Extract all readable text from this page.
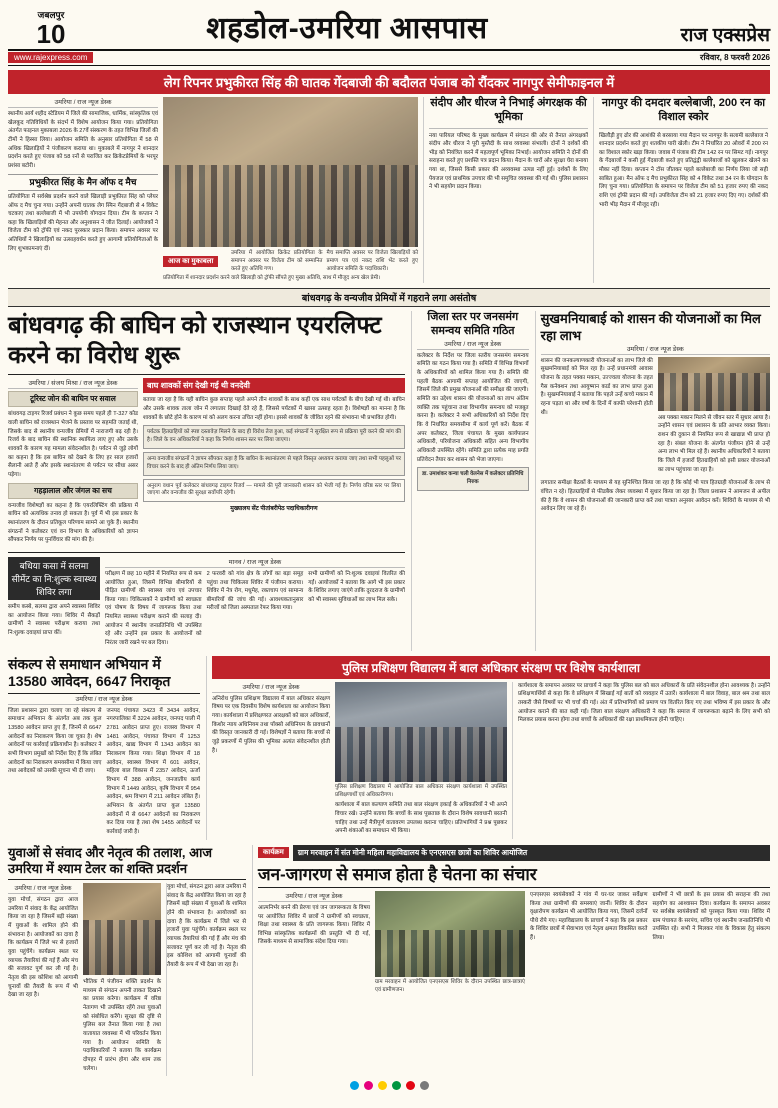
जबलपुर
10	शहडोल-उमरिया आसपास	राज एक्सप्रेस
www.rajexpress.com	रविवार, 8 फरवरी 2026
लेग रिपनर प्रभुकीरत सिंह की घातक गेंदबाजी की बदौलत पंजाब को रौंदकर नागपुर सेमीफाइनल में
उमरिया / राज न्यूज डेस्क

स्थानीय आर्य शहीद स्टेडियम में जिले की सामाजिक, धार्मिक, सांस्कृतिक एवं खेलकूद गतिविधियों के संदर्भ में विशेष आयोजन किया गया। प्रतियोगिता अंतर्गत फाइनल मुकाबला 2026 के 27वें संस्करण के तहत विभिन्न जिलों की टीमों ने हिस्सा लिया। आयोजन समिति के अनुसार प्रतियोगिता में 58 से अधिक खिलाड़ियों ने पंजीकरण कराया था। मुकाबले में नागपुर ने शानदार प्रदर्शन करते हुए पंजाब को 58 रनों से पराजित कर क्रिकेटप्रेमियों के भरपूर प्रशंसा बटोरी।

प्रभुकीरत सिंह के मैन ऑफ द मैच

प्रतियोगिता में सर्वश्रेष्ठ प्रदर्शन करने वाले खिलाड़ी प्रभुकीरत सिंह को प्लेयर ऑफ द मैच चुना गया। उन्होंने अपनी घातक लेग स्पिन गेंदबाजी से 4 विकेट चटकाए तथा बल्लेबाजी में भी उपयोगी योगदान दिया। टीम के कप्तान ने कहा कि खिलाड़ियों की मेहनत और अनुशासन ने जीत दिलाई। आयोजकों ने विजेता टीम को ट्रॉफी एवं नकद पुरस्कार प्रदान किया। समापन अवसर पर अतिथियों ने खिलाड़ियों का उत्साहवर्धन करते हुए आगामी प्रतियोगिताओं के लिए शुभकामनाएं दीं।

आज का मुकाबला
उमरिया में आयोजित क्रिकेट प्रतियोगिता के समापन अवसर पर विजेता टीम को सम्मानित करते हुए अतिथि गण।
मैच समाप्ति अवसर पर विजेता खिलाड़ियों को प्रमाण पत्र एवं नकद राशि भेंट करते हुए आयोजन समिति के पदाधिकारी।
प्रतियोगिता में शानदार प्रदर्शन करने वाले खिलाड़ी को ट्रॉफी सौंपते हुए मुख्य अतिथि, साथ में मौजूद अन्य खेल प्रेमी।
संदीप और धीरज ने निभाई अंगरक्षक की भूमिका

नया पारियल परिषद के मुख्य कार्यक्रम में संगठन की ओर से तैनात अंगरक्षकों संदीप और धीरज ने पूरी मुस्तैदी के साथ व्यवस्था संभाली। दोनों ने दर्शकों की भीड़ को नियंत्रित करने में महत्वपूर्ण भूमिका निभाई। आयोजन समिति ने दोनों की सराहना करते हुए प्रशस्ति पत्र प्रदान किया। मैदान के चारों ओर सुरक्षा घेरा बनाया गया था, जिससे किसी प्रकार की अव्यवस्था उत्पन्न नहीं हुई। दर्शकों के लिए पेयजल एवं प्राथमिक उपचार की भी समुचित व्यवस्था की गई थी। पुलिस प्रशासन ने भी सहयोग प्रदान किया।

नागपुर की दमदार बल्लेबाजी, 200 रन का विशाल स्कोर

खिलौड़ी हुए ढोर की आशंकी से बरसाया गया मैदान पर नागपुर के सलामी बल्लेबाज ने शानदार प्रदर्शन करते हुए शतकीय पारी खेली। टीम ने निर्धारित 20 ओवरों में 200 रन का विशाल स्कोर खड़ा किया। जवाब में पंजाब की टीम 142 रन पर सिमट गई। नागपुर के गेंदबाजों ने कसी हुई गेंदबाजी करते हुए प्रतिद्वंद्वी बल्लेबाजों को खुलकर खेलने का मौका नहीं दिया। कप्तान ने टॉस जीतकर पहले बल्लेबाजी का निर्णय लिया जो सही साबित हुआ। मैन ऑफ द मैच प्रभुकीरत सिंह को 4 विकेट तथा 34 रन के योगदान के लिए चुना गया। प्रतियोगिता के समापन पर विजेता टीम को 51 हजार रुपए की नकद राशि एवं ट्रॉफी प्रदान की गई। उपविजेता टीम को 21 हजार रुपए दिए गए। दर्शकों की भारी भीड़ मैदान में मौजूद रही।

बांधवगढ़ के वन्यजीव प्रेमियों में गहराने लगा असंतोष
बांधवगढ़ की बाघिन को राजस्थान एयरलिफ्ट करने का विरोध शुरू
उमरिया / संजय मिश्रा / राज न्यूज डेस्क
टूरिस्ट जोन की बाघिन पर सवाल

बांधवगढ़ टाइगर रिजर्व प्रबंधन ने कुछ समय पहले ही T-327 कोड वाली बाघिन को राजस्थान भेजने के प्रस्ताव पर सहमति जताई थी, जिसके बाद से स्थानीय वन्यजीव प्रेमियों में नाराजगी बढ़ रही है। रिजर्व के बाद बाघिन की स्थानिक स्थायित्व लाए हुए और उसके शावकों के कारण यह मामला संवेदनशील है। पर्यटन से जुड़े लोगों का कहना है कि इस बाघिन को देखने के लिए हर साल हजारों सैलानी आते हैं और इसके स्थानांतरण से पर्यटन पर सीधा असर पड़ेगा।

गहड़ालाल और जंगल का सच

वन्यजीव विशेषज्ञों का कहना है कि एयरलिफ्टिंग की प्रक्रिया में बाघिन को अत्यधिक तनाव हो सकता है। पूर्व में भी इस प्रकार के स्थानांतरण के दौरान प्रतिकूल परिणाम सामने आ चुके हैं। स्थानीय संगठनों ने कलेक्टर एवं वन विभाग के अधिकारियों को ज्ञापन सौंपकर निर्णय पर पुनर्विचार की मांग की है।

बाघ शावकों संग देखी गई थी वनदेवी

बताया जा रहा है कि यही बाघिन कुछ सप्ताह पहले अपने तीन शावकों के साथ कहीं एक साथ पर्यटकों के बीच देखी गई थी। बाघिन और उसके शावक ताला जोन में लगातार दिखाई देते रहे हैं, जिससे पर्यटकों में खासा उत्साह रहता है। विशेषज्ञों का मानना है कि शावकों के छोटे होने के कारण मां को अलग करना उचित नहीं होगा। इससे शावकों के जीवित रहने की संभावना भी प्रभावित होगी।

पर्यटक हितग्राहियों को स्पष्ट दस्तावेज़ मिलने के बाद ही विरोध तेज हुआ, कई संगठनों ने सुरक्षित रूप से प्रक्रिया पूरी करने की मांग की है। जिले के वन अधिकारियों ने कहा कि निर्णय शासन स्तर पर लिया जाएगा।
अन्य वन्यजीव संगठनों ने ज्ञापन सौंपकर कहा है कि बाघिन के स्थानांतरण से पहले विस्तृत अध्ययन कराया जाए तथा सभी पहलुओं पर विचार करने के बाद ही अंतिम निर्णय लिया जाए।
अनुराग वधान पूर्व कलेक्टर बांधवगढ़ टाइगर रिजर्व — मामले की पूरी जानकारी शासन को भेजी गई है। निर्णय वरिष्ठ स्तर पर लिया जाएगा और वन्यजीव की सुरक्षा सर्वोपरि रहेगी।
मुख्यालय सेंट पीतांबरीपेठ पदाधिकारीगण
बधिया कसा में सलमा सीमेंट का नि:शुल्क स्वास्थ्य शिविर लगा

समीप कस्बे, सलमा द्वारा अपने स्वास्थ्य शिविर का आयोजन किया गया। शिविर में सैकड़ों ग्रामीणों ने स्वास्थ्य परीक्षण कराया तथा नि:शुल्क दवाइयां प्राप्त कीं।

मानव / राज न्यूज डेस्क

परीक्षण में छह 10 महीने में नियमित रूप से कम आयोजित हुआ, जिसमें विभिन्न बीमारियों से पीड़ित ग्रामीणों की स्वास्थ्य जांच एवं उपचार किया गया। चिकित्सकों ने ग्रामीणों को स्वच्छता एवं पोषण के विषय में जागरूक किया तथा नियमित स्वास्थ्य परीक्षण कराने की सलाह दी। आयोजन में स्थानीय जनप्रतिनिधि भी उपस्थित रहे और उन्होंने इस प्रकार के आयोजनों को निरंतर जारी रखने पर बल दिया।

2 फरवरी को गांव क्षेत्र के लोगों का बड़ा समूह पहुंचा तथा चिकित्सा शिविर में पंजीयन कराया। शिविर में नेत्र रोग, मधुमेह, रक्तचाप एवं सामान्य बीमारियों की जांच की गई। आवश्यकतानुसार मरीजों को जिला अस्पताल रेफर किया गया।

सभी ग्रामीणों को नि:शुल्क दवाइयां वितरित की गईं। आयोजकों ने बताया कि आगे भी इस प्रकार के शिविर लगाए जाएंगे ताकि दूरदराज के ग्रामीणों को भी स्वास्थ्य सुविधाओं का लाभ मिल सके।

जिला स्तर पर जनसमंग समन्वय समिति गठित
उमरिया / राज न्यूज डेस्क

कलेक्टर के निर्देश पर जिला स्तरीय जनसमंग समन्वय समिति का गठन किया गया है। समिति में विभिन्न विभागों के अधिकारियों को शामिल किया गया है। समिति की पहली बैठक आगामी सप्ताह आयोजित की जाएगी, जिसमें जिले की प्रमुख योजनाओं की समीक्षा की जाएगी। समिति का उद्देश्य शासन की योजनाओं का लाभ अंतिम व्यक्ति तक पहुंचाना तथा विभागीय समन्वय को मजबूत करना है। कलेक्टर ने सभी अधिकारियों को निर्देश दिए कि वे निर्धारित समयसीमा में कार्य पूर्ण करें। बैठक में अपर कलेक्टर, जिला पंचायत के मुख्य कार्यपालन अधिकारी, परियोजना अधिकारी सहित अन्य विभागीय अधिकारी उपस्थित रहेंगे। समिति द्वारा प्रत्येक माह प्रगति प्रतिवेदन तैयार कर शासन को भेजा जाएगा।

डा. उमाशंकर कन्या चली वेलनेस में कलेक्टर प्रतिनिधि निरुक
सुखमनियाबाई को शासन की योजनाओं का मिल रहा लाभ
उमरिया / राज न्यूज डेस्क

शासन की जनकल्याणकारी योजनाओं का लाभ जिले की सुखमनियाबाई को मिल रहा है। उन्हें प्रधानमंत्री आवास योजना के तहत पक्का मकान, उज्ज्वला योजना के तहत गैस कनेक्शन तथा आयुष्मान कार्ड का लाभ प्राप्त हुआ है। सुखमनियाबाई ने बताया कि पहले उन्हें कच्चे मकान में रहना पड़ता था और वर्षा के दिनों में काफी परेशानी होती थी।

अब पक्का मकान मिलने से जीवन स्तर में सुधार आया है। उन्होंने शासन एवं प्रशासन के प्रति आभार व्यक्त किया। राशन की दुकान से नियमित रूप से खाद्यान्न भी प्राप्त हो रहा है। संबल योजना के अंतर्गत पंजीयन होने से उन्हें अन्य लाभ भी मिल रहे हैं। स्थानीय अधिकारियों ने बताया कि जिले में हजारों हितग्राहियों को इसी प्रकार योजनाओं का लाभ पहुंचाया जा रहा है।

लगातार समीक्षा बैठकों के माध्यम से यह सुनिश्चित किया जा रहा है कि कोई भी पात्र हितग्राही योजनाओं के लाभ से वंचित न रहे। हितग्राहियों से फीडबैक लेकर व्यवस्था में सुधार किया जा रहा है। जिला प्रशासन ने आमजन से अपील की है कि वे शासन की योजनाओं की जानकारी प्राप्त करें तथा पात्रता अनुसार आवेदन करें। शिविरों के माध्यम से भी आवेदन लिए जा रहे हैं।

संकल्प से समाधान अभियान में 13580 आवेदन, 6647 निराकृत
उमरिया / राज न्यूज डेस्क

जिला प्रशासन द्वारा चलाए जा रहे संकल्प से समाधान अभियान के अंतर्गत अब तक कुल 13580 आवेदन प्राप्त हुए हैं, जिनमें से 6647 आवेदनों का निराकरण किया जा चुका है। शेष आवेदनों पर कार्रवाई प्रक्रियाधीन है। कलेक्टर ने सभी विभाग प्रमुखों को निर्देश दिए हैं कि लंबित आवेदनों का निराकरण समयसीमा में किया जाए तथा आवेदकों को उसकी सूचना भी दी जाए।

जनपद पंचायत 3423 में 3434 आवेदन, नगरपालिका में 3224 आवेदन, जनपद पाली में 2781 आवेदन प्राप्त हुए। राजस्व विभाग में 1481 आवेदन, पंचायत विभाग में 1253 आवेदन, खाद्य विभाग में 1343 आवेदन का निराकरण किया गया। शिक्षा विभाग में 18 आवेदन, स्वास्थ्य विभाग में 601 आवेदन, महिला बाल विकास में 2357 आवेदन, ऊर्जा विभाग में 388 आवेदन, जनजातीय कार्य विभाग में 1449 आवेदन, कृषि विभाग में 954 आवेदन, श्रम विभाग में 211 आवेदन लंबित हैं। अभियान के अंतर्गत प्राप्त कुल 13580 आवेदनों में से 6647 आवेदनों का निराकरण कर दिया गया है तथा शेष 1455 आवेदनों पर कार्रवाई जारी है।

पुलिस प्रशिक्षण विद्यालय में बाल अधिकार संरक्षण पर विशेष कार्यशाला
उमरिया / राज न्यूज डेस्क

अनिरोध पुलिस प्रशिक्षण विद्यालय में बाल अधिकार संरक्षण विषय पर एक दिवसीय विशेष कार्यशाला का आयोजन किया गया। कार्यशाला में प्रशिक्षणरत आरक्षकों को बाल अधिकारों, किशोर न्याय अधिनियम तथा पॉक्सो अधिनियम के प्रावधानों की विस्तृत जानकारी दी गई। विशेषज्ञों ने बताया कि बच्चों से जुड़े प्रकरणों में पुलिस की भूमिका अत्यंत संवेदनशील होती है।

पुलिस प्रशिक्षण विद्यालय में आयोजित बाल अधिकार संरक्षण कार्यशाला में उपस्थित प्रशिक्षणार्थी एवं अधिकारीगण।

कार्यशाला में बाल कल्याण समिति तथा बाल संरक्षण इकाई के अधिकारियों ने भी अपने विचार रखे। उन्होंने बताया कि बच्चों के साथ पूछताछ के दौरान विशेष सावधानी बरतनी चाहिए तथा उन्हें मैत्रीपूर्ण वातावरण उपलब्ध कराना चाहिए। प्रतिभागियों ने प्रश्न पूछकर अपनी शंकाओं का समाधान भी किया।

कार्यशाला के समापन अवसर पर प्राचार्य ने कहा कि पुलिस बल को बाल अधिकारों के प्रति संवेदनशील होना आवश्यक है। उन्होंने प्रशिक्षणार्थियों से कहा कि वे प्रशिक्षण में सिखाई गई बातों को व्यवहार में उतारें। कार्यशाला में बाल विवाह, बाल श्रम तथा बाल तस्करी जैसे विषयों पर भी चर्चा की गई। अंत में प्रतिभागियों को प्रमाण पत्र वितरित किए गए तथा भविष्य में इस प्रकार के और आयोजन कराने की बात कही गई। जिला बाल संरक्षण अधिकारी ने कहा कि समाज में जागरूकता बढ़ाने के लिए सभी को मिलकर प्रयास करना होगा तथा बच्चों के अधिकारों की रक्षा प्राथमिकता होनी चाहिए।

युवाओं से संवाद और नेतृत्व की तलाश, आज उमरिया में श्याम टेलर का शक्ति प्रदर्शन
उमरिया / राज न्यूज डेस्क

युवा मोर्चा, संगठन द्वारा आज उमरिया में संवाद के केंद्र आयोजित किया जा रहा है जिसमें बड़ी संख्या में युवाओं के शामिल होने की संभावना है। आयोजकों का दावा है कि कार्यक्रम में जिले भर से हजारों युवा पहुंचेंगे। कार्यक्रम स्थल पर व्यापक तैयारियां की गई हैं और मंच की सजावट पूर्ण कर ली गई है। नेतृत्व की इस कोशिश को आगामी चुनावों की तैयारी के रूप में भी देखा जा रहा है।

भौतिक में पंजीयन शक्ति प्रदर्शन के माध्यम से संगठन अपनी ताकत दिखाने का प्रयास करेगा। कार्यक्रम में वरिष्ठ नेतागण भी उपस्थित रहेंगे तथा युवाओं को संबोधित करेंगे। सुरक्षा की दृष्टि से पुलिस बल तैनात किया गया है तथा यातायात व्यवस्था में भी परिवर्तन किया गया है। आयोजन समिति के पदाधिकारियों ने बताया कि कार्यक्रम दोपहर में प्रारंभ होगा और शाम तक चलेगा।

युवा मोर्चा, संगठन द्वारा आज उमरिया में संवाद के केंद्र आयोजित किया जा रहा है जिसमें बड़ी संख्या में युवाओं के शामिल होने की संभावना है। आयोजकों का दावा है कि कार्यक्रम में जिले भर से हजारों युवा पहुंचेंगे। कार्यक्रम स्थल पर व्यापक तैयारियां की गई हैं और मंच की सजावट पूर्ण कर ली गई है। नेतृत्व की इस कोशिश को आगामी चुनावों की तैयारी के रूप में भी देखा जा रहा है।

कार्यक्रम	ग्राम मरवाहन में संत मोनी महिला महाविद्यालय के एनएसएस छात्रों का शिविर आयोजित
जन-जागरण से समाज होता है चेतना का संचार
उमरिया / राज न्यूज डेस्क

आत्मनिर्भर बनने की प्रेरणा एवं जन जागरूकता के विषय पर आयोजित शिविर में छात्रों ने ग्रामीणों को स्वच्छता, शिक्षा तथा स्वास्थ्य के प्रति जागरूक किया। शिविर में विभिन्न सांस्कृतिक कार्यक्रमों की प्रस्तुति भी दी गई, जिसके माध्यम से सामाजिक संदेश दिया गया।

ग्राम मरवाहन में आयोजित एनएसएस शिविर के दौरान उपस्थित छात्र-छात्राएं एवं ग्रामीणजन।

एनएसएस स्वयंसेवकों ने गांव में घर-घर जाकर सर्वेक्षण किया तथा ग्रामीणों की समस्याएं जानीं। शिविर के दौरान वृक्षारोपण कार्यक्रम भी आयोजित किया गया, जिसमें दर्जनों पौधे रोपे गए। महाविद्यालय के प्राचार्य ने कहा कि इस प्रकार के शिविर छात्रों में सेवाभाव एवं नेतृत्व क्षमता विकसित करते हैं।

ग्रामीणों ने भी छात्रों के इस प्रयास की सराहना की तथा सहयोग का आश्वासन दिया। कार्यक्रम के समापन अवसर पर सर्वश्रेष्ठ स्वयंसेवकों को पुरस्कृत किया गया। शिविर में ग्राम पंचायत के सरपंच, सचिव एवं स्थानीय जनप्रतिनिधि भी उपस्थित रहे। सभी ने मिलकर गांव के विकास हेतु संकल्प लिया।
